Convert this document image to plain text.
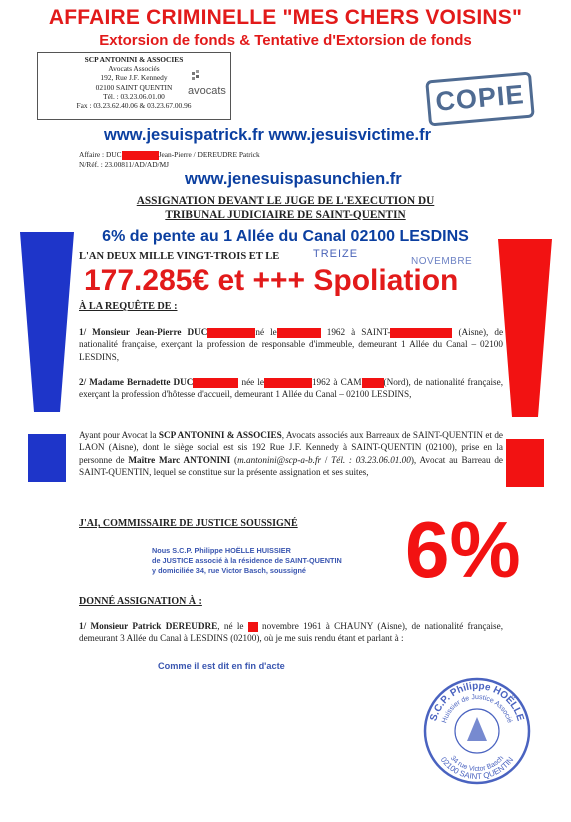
AFFAIRE CRIMINELLE "MES CHERS VOISINS"
Extorsion de fonds & Tentative d'Extorsion de fonds
SCP ANTONINI & ASSOCIES
Avocats Associés
192, Rue J.F. Kennedy
02100 SAINT QUENTIN
Tél. : 03.23.06.01.00
Fax : 03.23.62.40.06 & 03.23.67.00.96
avocats	COPIE
www.jesuispatrick.fr www.jesuisvictime.fr
Affaire : DUC	Jean-Pierre / DEREUDRE Patrick
N/Réf. : 23.00811/AD/AD/MJ
www.jenesuispasunchien.fr
ASSIGNATION DEVANT LE JUGE DE L'EXECUTION DU
TRIBUNAL JUDICIAIRE DE SAINT-QUENTIN
6% de pente au 1 Allée du Canal 02100 LESDINS
L'AN DEUX MILLE VINGT-TROIS ET LE	TREIZE
NOVEMBRE
177.285€ et +++ Spoliation
À LA REQUÊTE DE :
1/ Monsieur Jean-Pierre DUC	né le	1962 à SAINT-	(Aisne), de nationalité française, exerçant la profession de responsable d'immeuble, demeurant 1 Allée du Canal – 02100 LESDINS,
2/ Madame Bernadette DUC	née le	1962 à CAM (Nord), de nationalité française, exerçant la profession d'hôtesse d'accueil, demeurant 1 Allée du Canal – 02100 LESDINS,
Ayant pour Avocat la SCP ANTONINI & ASSOCIES, Avocats associés aux Barreaux de SAINT-QUENTIN et de LAON (Aisne), dont le siège social est sis 192 Rue J.F. Kennedy à SAINT-QUENTIN (02100), prise en la personne de Maître Marc ANTONINI (m.antonini@scp-a-b.fr / Tél. : 03.23.06.01.00), Avocat au Barreau de SAINT-QUENTIN, lequel se constitue sur la présente assignation et ses suites,
J'AI, COMMISSAIRE DE JUSTICE SOUSSIGNÉ
Nous S.C.P. Philippe HOËLLE HUISSIER
de JUSTICE associé à la résidence de SAINT-QUENTIN
y domiciliée 34, rue Victor Basch, soussigné	6%
DONNÉ ASSIGNATION À :
1/ Monsieur Patrick DEREUDRE, né le novembre 1961 à CHAUNY (Aisne), de nationalité française, demeurant 3 Allée du Canal à LESDINS (02100), où je me suis rendu étant et parlant à :
Comme il est dit en fin d'acte
S.C.P. Philippe HOËLLE
Huissier de Justice Associé
02100 SAINT QUENTIN
34 rue Victor Basch
